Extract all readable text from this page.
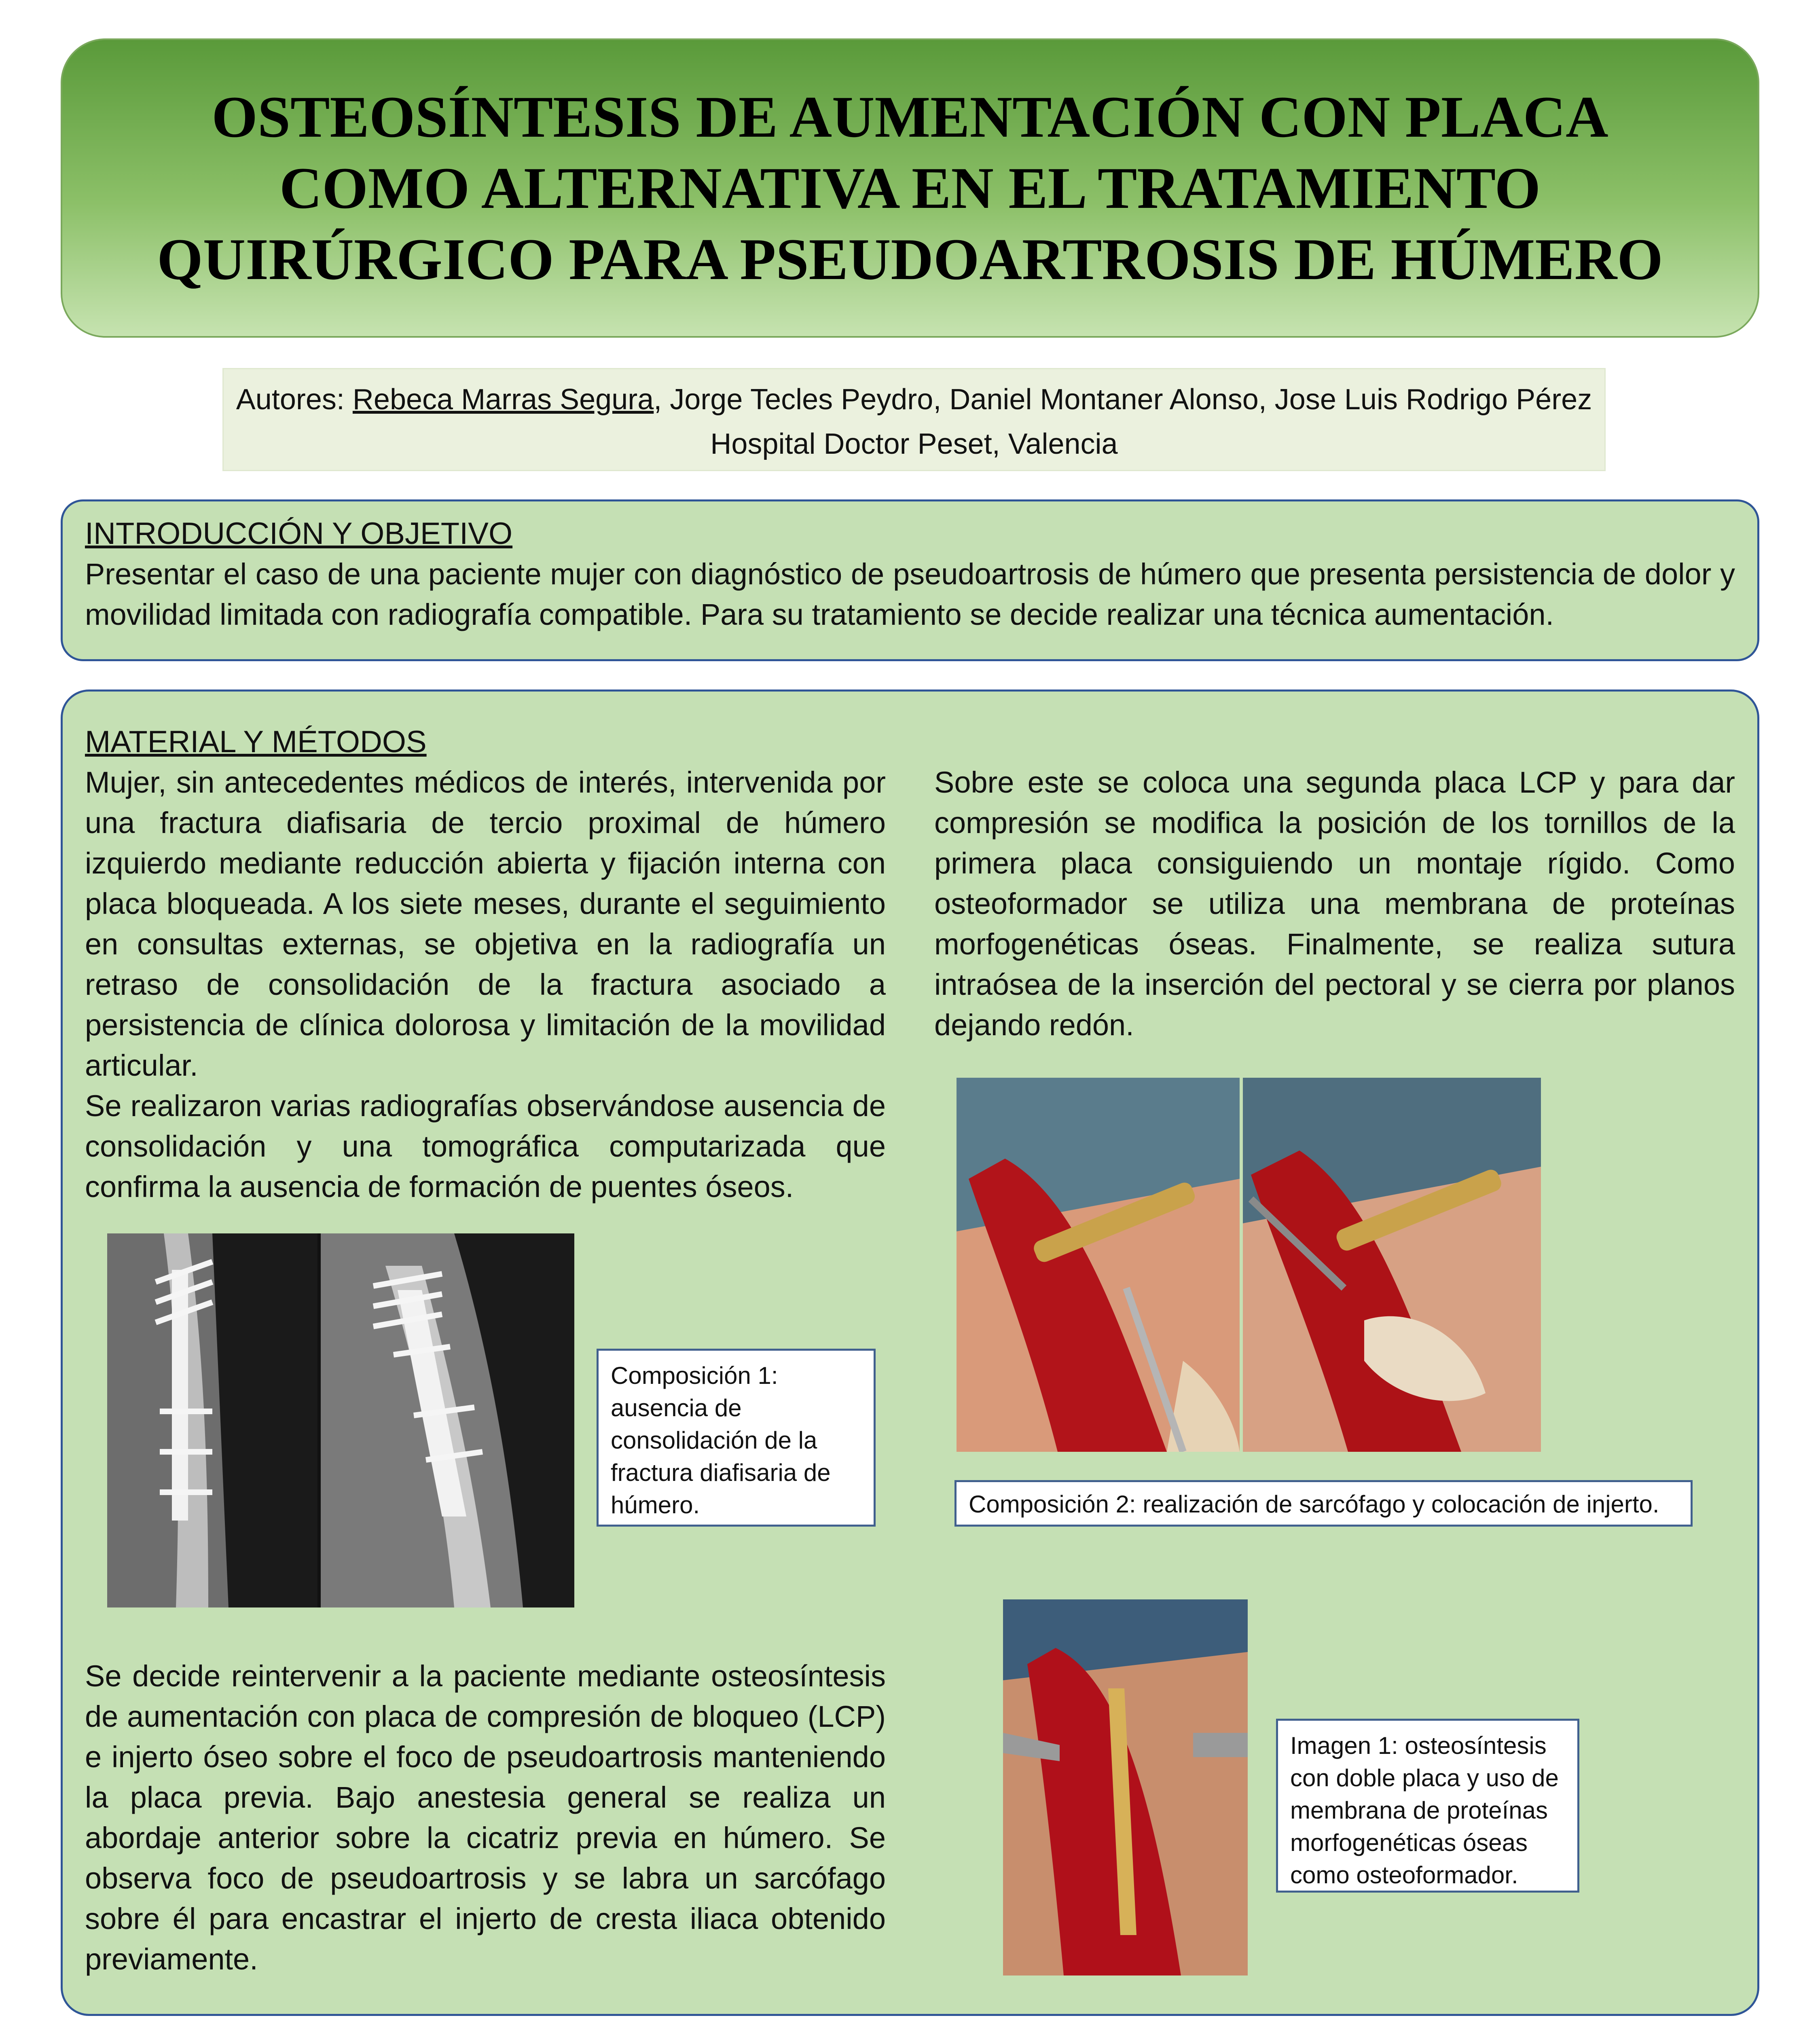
OSTEOSÍNTESIS DE AUMENTACIÓN CON PLACA COMO ALTERNATIVA EN EL TRATAMIENTO QUIRÚRGICO PARA PSEUDOARTROSIS DE HÚMERO
Autores: Rebeca Marras Segura, Jorge Tecles Peydro, Daniel Montaner Alonso, Jose Luis Rodrigo Pérez
Hospital Doctor Peset, Valencia
INTRODUCCIÓN Y OBJETIVO
Presentar el caso de una paciente mujer con diagnóstico de pseudoartrosis de húmero que presenta persistencia de dolor y movilidad limitada con radiografía compatible. Para su tratamiento se decide realizar una técnica aumentación.
MATERIAL Y MÉTODOS
Mujer, sin antecedentes médicos de interés, intervenida por una fractura diafisaria de tercio proximal de húmero izquierdo mediante reducción abierta y fijación interna con placa bloqueada. A los siete meses, durante el seguimiento en consultas externas, se objetiva en la radiografía un retraso de consolidación de la fractura asociado a persistencia de clínica dolorosa y limitación de la movilidad articular.
Se realizaron varias radiografías observándose ausencia de consolidación y una tomográfica computarizada que confirma la ausencia de formación de puentes óseos.
Sobre este se coloca una segunda placa LCP y para dar compresión se modifica la posición de los tornillos de la primera placa consiguiendo un montaje rígido. Como osteoformador se utiliza una membrana de proteínas morfogenéticas óseas. Finalmente, se realiza sutura intraósea de la inserción del pectoral y se cierra por planos dejando redón.
Composición 1: ausencia de consolidación de la fractura diafisaria de húmero.	Composición 2: realización de sarcófago y colocación de injerto.
Imagen 1: osteosíntesis con doble placa y uso de membrana de proteínas morfogenéticas óseas como osteoformador.
Se decide reintervenir a la paciente mediante osteosíntesis de aumentación con placa de compresión de bloqueo (LCP) e injerto óseo sobre el foco de pseudoartrosis manteniendo la placa previa. Bajo anestesia general se realiza un abordaje anterior sobre la cicatriz previa en húmero. Se observa foco de pseudoartrosis y se labra un sarcófago sobre él para encastrar el injerto de cresta iliaca obtenido previamente.
